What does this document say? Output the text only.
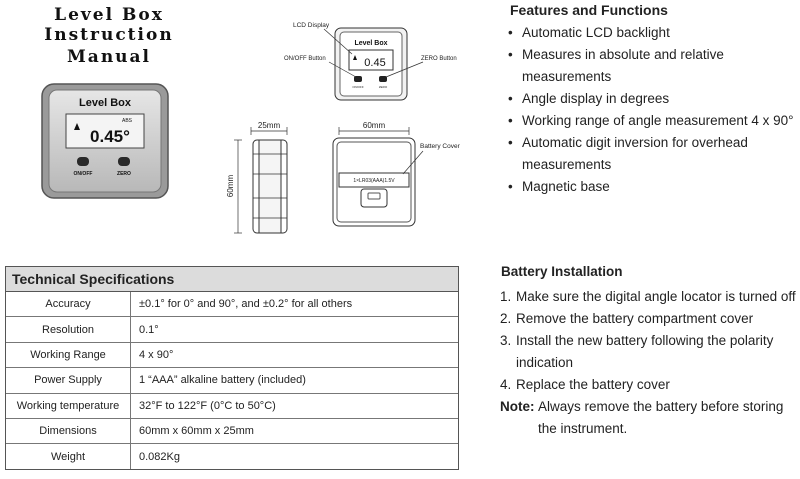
Level Box
Instruction Manual
Level Box
ABS
0.45°
ON/OFF	ZERO
Level Box
0.45
ON/OFF	ZERO
LCD Display
ON/OFF Button	ZERO Button
25mm
60mm
60mm
1×LR03(AAA)1.5V
Battery Cover
Features and Functions
• Automatic LCD backlight
• Measures in absolute and relative measurements
• Angle display in degrees
• Working range of angle measurement 4 x 90°
• Automatic digit inversion for overhead measurements
• Magnetic base
Technical Specifications
Accuracy	±0.1° for 0° and 90°, and ±0.2° for all others
Resolution	0.1°
Working Range	4 x 90°
Power Supply	1 “AAA” alkaline battery (included)
Working temperature	32°F to 122°F (0°C to 50°C)
Dimensions	60mm x 60mm x 25mm
Weight	0.082Kg
Battery Installation
1. Make sure the digital angle locator is turned off
2. Remove the battery compartment cover
3. Install the new battery following the polarity indication
4. Replace the battery cover
Note: Always remove the battery before storing the instrument.
